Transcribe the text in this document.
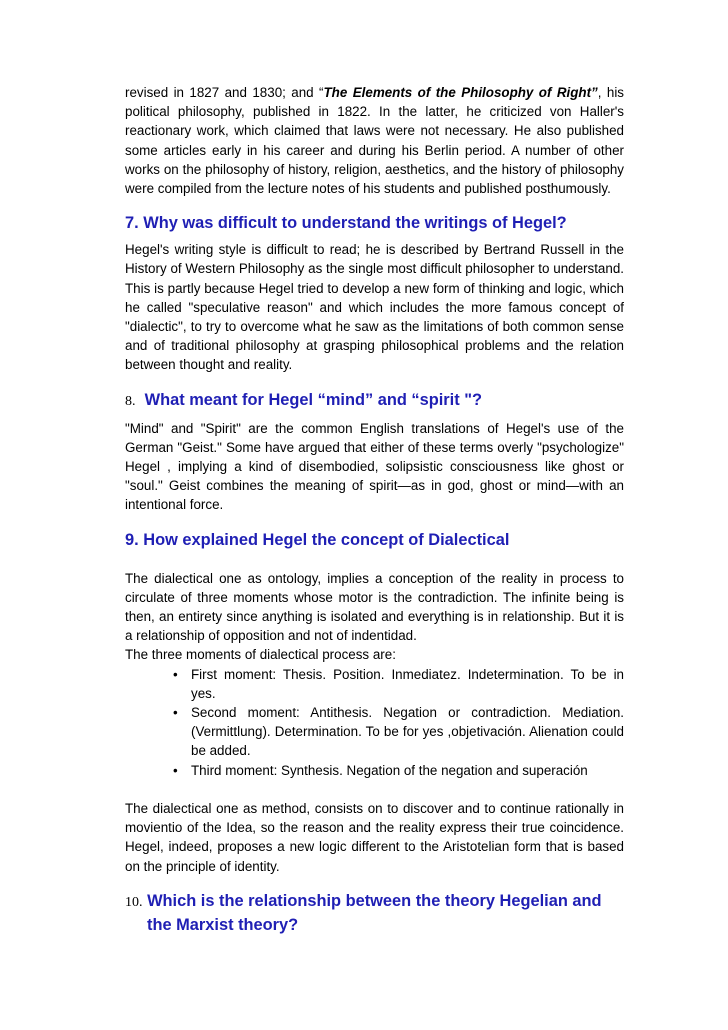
revised in 1827 and 1830; and “The Elements of the Philosophy of Right”, his political philosophy, published in 1822. In the latter, he criticized von Haller's reactionary work, which claimed that laws were not necessary. He also published some articles early in his career and during his Berlin period. A number of other works on the philosophy of history, religion, aesthetics, and the history of philosophy were compiled from the lecture notes of his students and published posthumously.

7. Why was difficult to understand the writings of Hegel?

Hegel's writing style is difficult to read; he is described by Bertrand Russell in the History of Western Philosophy as the single most difficult philosopher to understand. This is partly because Hegel tried to develop a new form of thinking and logic, which he called "speculative reason" and which includes the more famous concept of "dialectic", to try to overcome what he saw as the limitations of both common sense and of traditional philosophy at grasping philosophical problems and the relation between thought and reality.

8. What meant for Hegel “mind” and “spirit "?

"Mind" and "Spirit" are the common English translations of Hegel's use of the German "Geist." Some have argued that either of these terms overly "psychologize" Hegel , implying a kind of disembodied, solipsistic consciousness like ghost or "soul." Geist combines the meaning of spirit—as in god, ghost or mind—with an intentional force.

9. How explained Hegel the concept of Dialectical

The dialectical one as ontology, implies a conception of the reality in process to circulate of three moments whose motor is the contradiction. The infinite being is then, an entirety since anything is isolated and everything is in relationship. But it is a relationship of opposition and not of indentidad.

The three moments of dialectical process are:

• First moment: Thesis. Position. Inmediatez. Indetermination. To be in yes.
• Second moment: Antithesis. Negation or contradiction. Mediation. (Vermittlung). Determination. To be for yes ,objetivación. Alienation could be added.
• Third moment: Synthesis. Negation of the negation and superación

The dialectical one as method, consists on to discover and to continue rationally in movientio of the Idea, so the reason and the reality express their true coincidence. Hegel, indeed, proposes a new logic different to the Aristotelian form that is based on the principle of identity.

10. Which is the relationship between the theory Hegelian and the Marxist theory?
